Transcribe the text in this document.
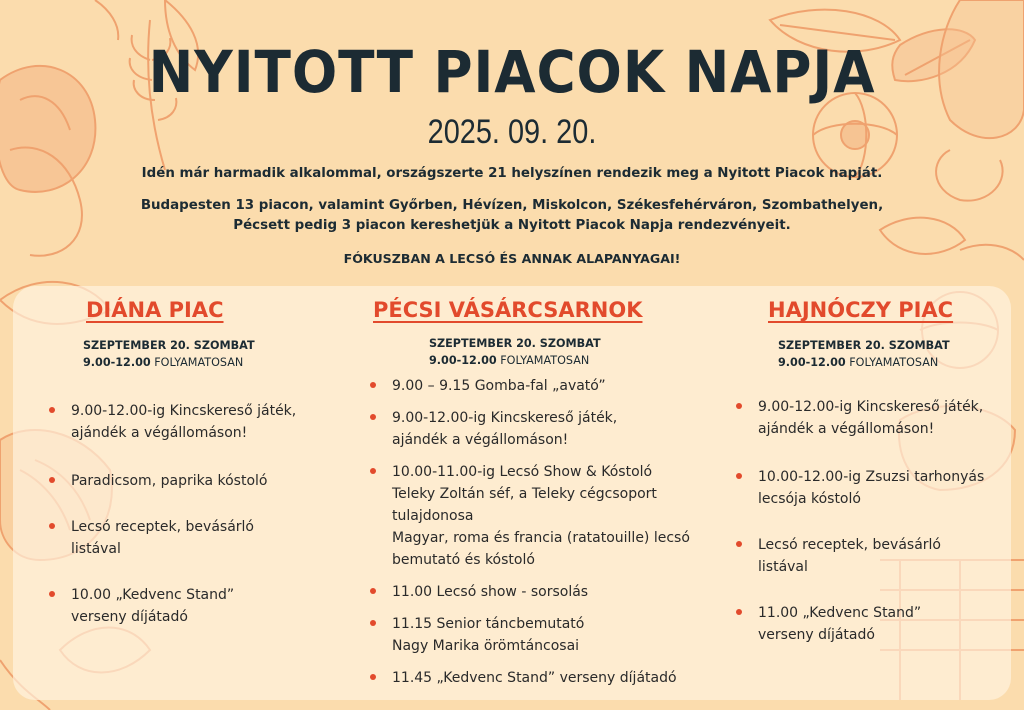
NYITOTT PIACOK NAPJA
2025. 09. 20.
Idén már harmadik alkalommal, országszerte 21 helyszínen rendezik meg a Nyitott Piacok napját.
Budapesten 13 piacon, valamint Győrben, Hévízen, Miskolcon, Székesfehérváron, Szombathelyen,
Pécsett pedig 3 piacon kereshetjük a Nyitott Piacok Napja rendezvényeit.
FÓKUSZBAN A LECSÓ ÉS ANNAK ALAPANYAGAI!
DIÁNA PIAC
SZEPTEMBER 20. SZOMBAT
9.00-12.00 FOLYAMATOSAN
9.00-12.00-ig Kincskereső játék,
ajándék a végállomáson!
Paradicsom, paprika kóstoló
Lecsó receptek, bevásárló
listával
10.00 „Kedvenc Stand”
verseny díjátadó
PÉCSI VÁSÁRCSARNOK
SZEPTEMBER 20. SZOMBAT
9.00-12.00 FOLYAMATOSAN
9.00 – 9.15 Gomba-fal „avató”
9.00-12.00-ig Kincskereső játék,
ajándék a végállomáson!
10.00-11.00-ig Lecsó Show & Kóstoló
Teleky Zoltán séf, a Teleky cégcsoport
tulajdonosa
Magyar, roma és francia (ratatouille) lecsó
bemutató és kóstoló
11.00 Lecsó show - sorsolás
11.15 Senior táncbemutató
Nagy Marika örömtáncosai
11.45 „Kedvenc Stand” verseny díjátadó
HAJNÓCZY PIAC
SZEPTEMBER 20. SZOMBAT
9.00-12.00 FOLYAMATOSAN
9.00-12.00-ig Kincskereső játék,
ajándék a végállomáson!
10.00-12.00-ig Zsuzsi tarhonyás
lecsója kóstoló
Lecsó receptek, bevásárló
listával
11.00 „Kedvenc Stand”
verseny díjátadó
